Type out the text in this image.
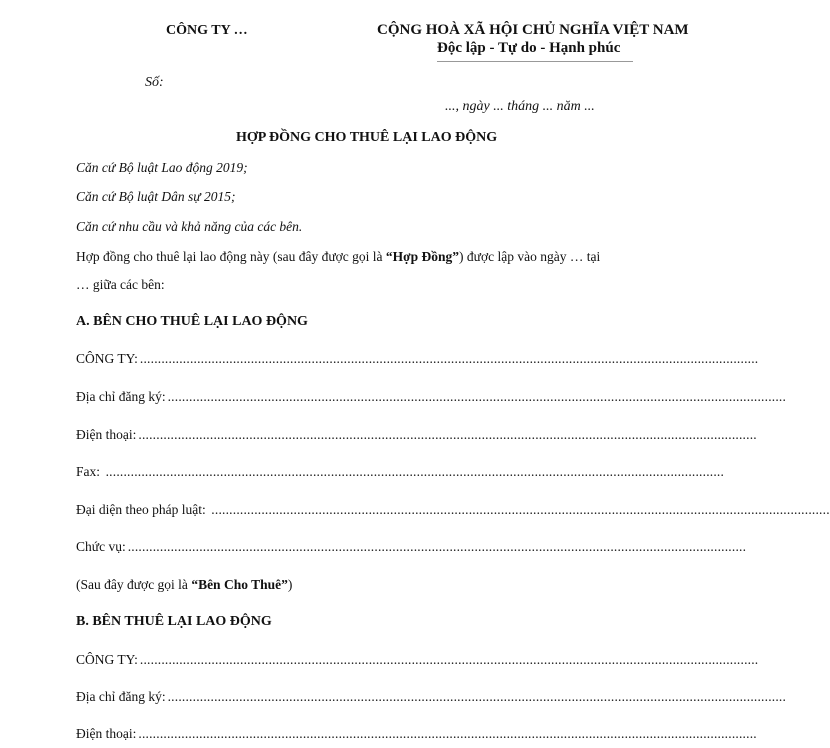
CÔNG TY …	CỘNG HOÀ XÃ HỘI CHỦ NGHĨA VIỆT NAM
Độc lập - Tự do - Hạnh phúc
Số:
..., ngày ... tháng ... năm ...
HỢP ĐỒNG CHO THUÊ LẠI LAO ĐỘNG
Căn cứ Bộ luật Lao động 2019;
Căn cứ Bộ luật Dân sự 2015;
Căn cứ nhu cầu và khả năng của các bên.
Hợp đồng cho thuê lại lao động này (sau đây được gọi là “Hợp Đồng”) được lập vào ngày … tại
… giữa các bên:
A. BÊN CHO THUÊ LẠI LAO ĐỘNG
CÔNG TY: .............................................................................................................................................................................
Địa chỉ đăng ký: .............................................................................................................................................................................
Điện thoại: .............................................................................................................................................................................
Fax: .............................................................................................................................................................................
Đại diện theo pháp luật: .............................................................................................................................................................................
Chức vụ: .............................................................................................................................................................................
(Sau đây được gọi là “Bên Cho Thuê”)
B. BÊN THUÊ LẠI LAO ĐỘNG
CÔNG TY: .............................................................................................................................................................................
Địa chỉ đăng ký: .............................................................................................................................................................................
Điện thoại: .............................................................................................................................................................................
